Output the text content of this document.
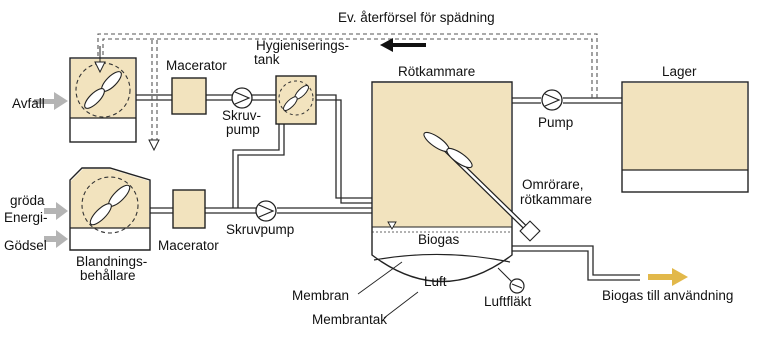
Avfall
Macerator
Skruv-
pump
Hygieniserings-
tank
Ev. återförsel för spädning
Rötkammare
Omrörare,
rötkammare
Biogas
Luft
Membran
Membrantak
Luftfläkt
Pump
Lager
Biogas till användning
Energi-
gröda
Gödsel
Blandnings-
behållare
Macerator
Skruvpump
